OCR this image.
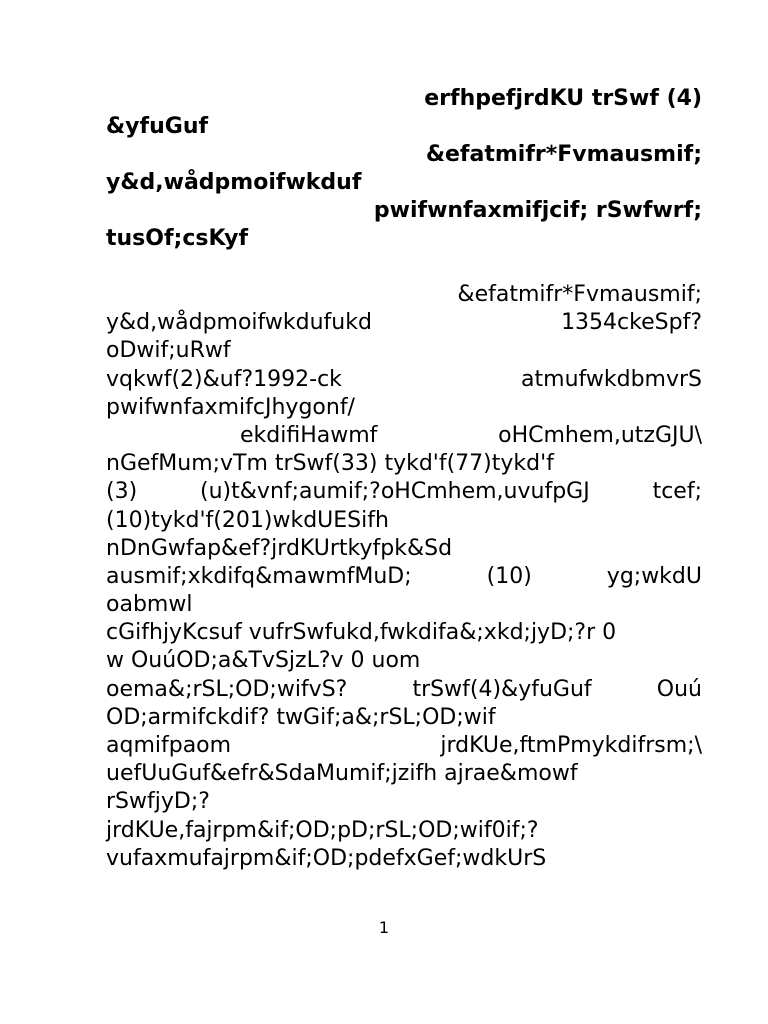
erfhpefjrdKU trSwf (4)
&yfuGuf
&efatmifr*Fvmausmif;
y&d,wådpmoifwkduf
pwifwnfaxmifjcif; rSwfwrf;
tusOf;csKyf
&efatmifr*Fvmausmif;
y&d,wådpmoifwkdufukd	1354ckeSpf?
oDwif;uRwf
vqkwf(2)&uf?1992-ck	atmufwkdbmvrS
pwifwnfaxmifcJhygonf/
ekdifiHawmf	oHCmhem,utzGJU\
nGefMum;vTm trSwf(33) tykd'f(77)tykd'f
(3)	(u)t&vnf;aumif;?oHCmhem,uvufpGJ	tcef;
(10)tykd'f(201)wkdUESifh
nDnGwfap&ef?jrdKUrtkyfpk&Sd
ausmif;xkdifq&mawmfMuD;	(10)	yg;wkdU
oabmwl
cGifhjyKcsuf vufrSwfukd,fwkdifa&;xkd;jyD;?r 0
w OuúOD;a&TvSjzL?v 0 uom
oema&;rSL;OD;wifvS?	trSwf(4)&yfuGuf	Ouú
OD;armifckdif? twGif;a&;rSL;OD;wif
aqmifpaom	jrdKUe,ftmPmykdifrsm;\
uefUuGuf&efr&SdaMumif;jzifh ajrae&mowf
rSwfjyD;?
jrdKUe,fajrpm&if;OD;pD;rSL;OD;wif0if;?
vufaxmufajrpm&if;OD;pdefxGef;wdkUrS
1
